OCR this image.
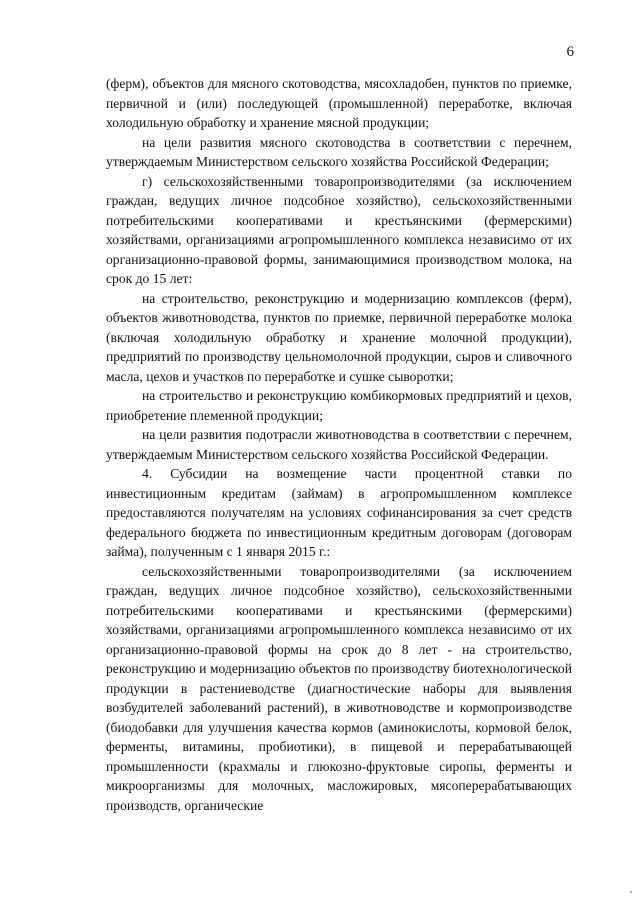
6

(ферм), объектов для мясного скотоводства, мясохладобен, пунктов по приемке, первичной и (или) последующей (промышленной) переработке, включая холодильную обработку и хранение мясной продукции;

на цели развития мясного скотоводства в соответствии с перечнем, утверждаемым Министерством сельского хозяйства Российской Федерации;

г) сельскохозяйственными товаропроизводителями (за исключением граждан, ведущих личное подсобное хозяйство), сельскохозяйственными потребительскими кооперативами и крестьянскими (фермерскими) хозяйствами, организациями агропромышленного комплекса независимо от их организационно-правовой формы, занимающимися производством молока, на срок до 15 лет:

на строительство, реконструкцию и модернизацию комплексов (ферм), объектов животноводства, пунктов по приемке, первичной переработке молока (включая холодильную обработку и хранение молочной продукции), предприятий по производству цельномолочной продукции, сыров и сливочного масла, цехов и участков по переработке и сушке сыворотки;

на строительство и реконструкцию комбикормовых предприятий и цехов, приобретение племенной продукции;

на цели развития подотрасли животноводства в соответствии с перечнем, утверждаемым Министерством сельского хозяйства Российской Федерации.

4. Субсидии на возмещение части процентной ставки по инвестиционным кредитам (займам) в агропромышленном комплексе предоставляются получателям на условиях софинансирования за счет средств федерального бюджета по инвестиционным кредитным договорам (договорам займа), полученным с 1 января 2015 г.:

сельскохозяйственными товаропроизводителями (за исключением граждан, ведущих личное подсобное хозяйство), сельскохозяйственными потребительскими кооперативами и крестьянскими (фермерскими) хозяйствами, организациями агропромышленного комплекса независимо от их организационно-правовой формы на срок до 8 лет - на строительство, реконструкцию и модернизацию объектов по производству биотехнологической продукции в растениеводстве (диагностические наборы для выявления возбудителей заболеваний растений), в животноводстве и кормопроизводстве (биодобавки для улучшения качества кормов (аминокислоты, кормовой белок, ферменты, витамины, пробиотики), в пищевой и перерабатывающей промышленности (крахмалы и глюкозно-фруктовые сиропы, ферменты и микроорганизмы для молочных, масложировых, мясоперерабатывающих производств, органические
